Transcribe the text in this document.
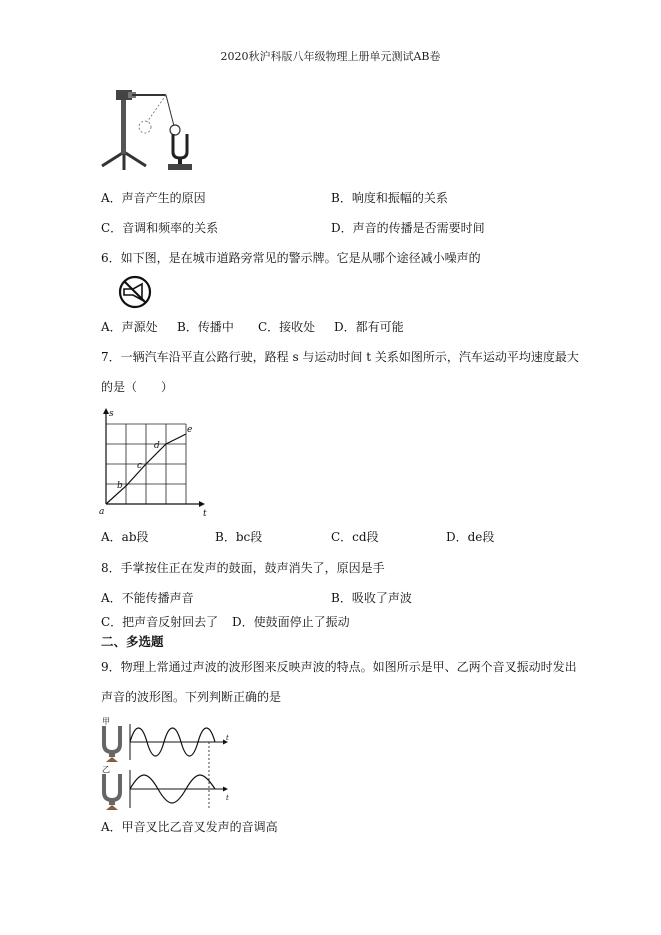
2020秋沪科版八年级物理上册单元测试AB卷
A．声音产生的原因	B．响度和振幅的关系
C．音调和频率的关系	D．声音的传播是否需要时间
6．如下图，是在城市道路旁常见的警示牌。它是从哪个途径减小噪声的
A．声源处 B．传播中 C．接收处 D．都有可能
7．一辆汽车沿平直公路行驶，路程 s 与运动时间 t 关系如图所示，汽车运动平均速度最大
的是（　　）
s
t
a
b
c
d
e
A．ab段	B．bc段	C．cd段	D．de段
8．手掌按住正在发声的鼓面，鼓声消失了，原因是手
A．不能传播声音	B．吸收了声波
C．把声音反射回去了 D．使鼓面停止了振动
二、多选题
9．物理上常通过声波的波形图来反映声波的特点。如图所示是甲、乙两个音叉振动时发出
声音的波形图。下列判断正确的是
甲
乙
t
t
A．甲音叉比乙音叉发声的音调高
